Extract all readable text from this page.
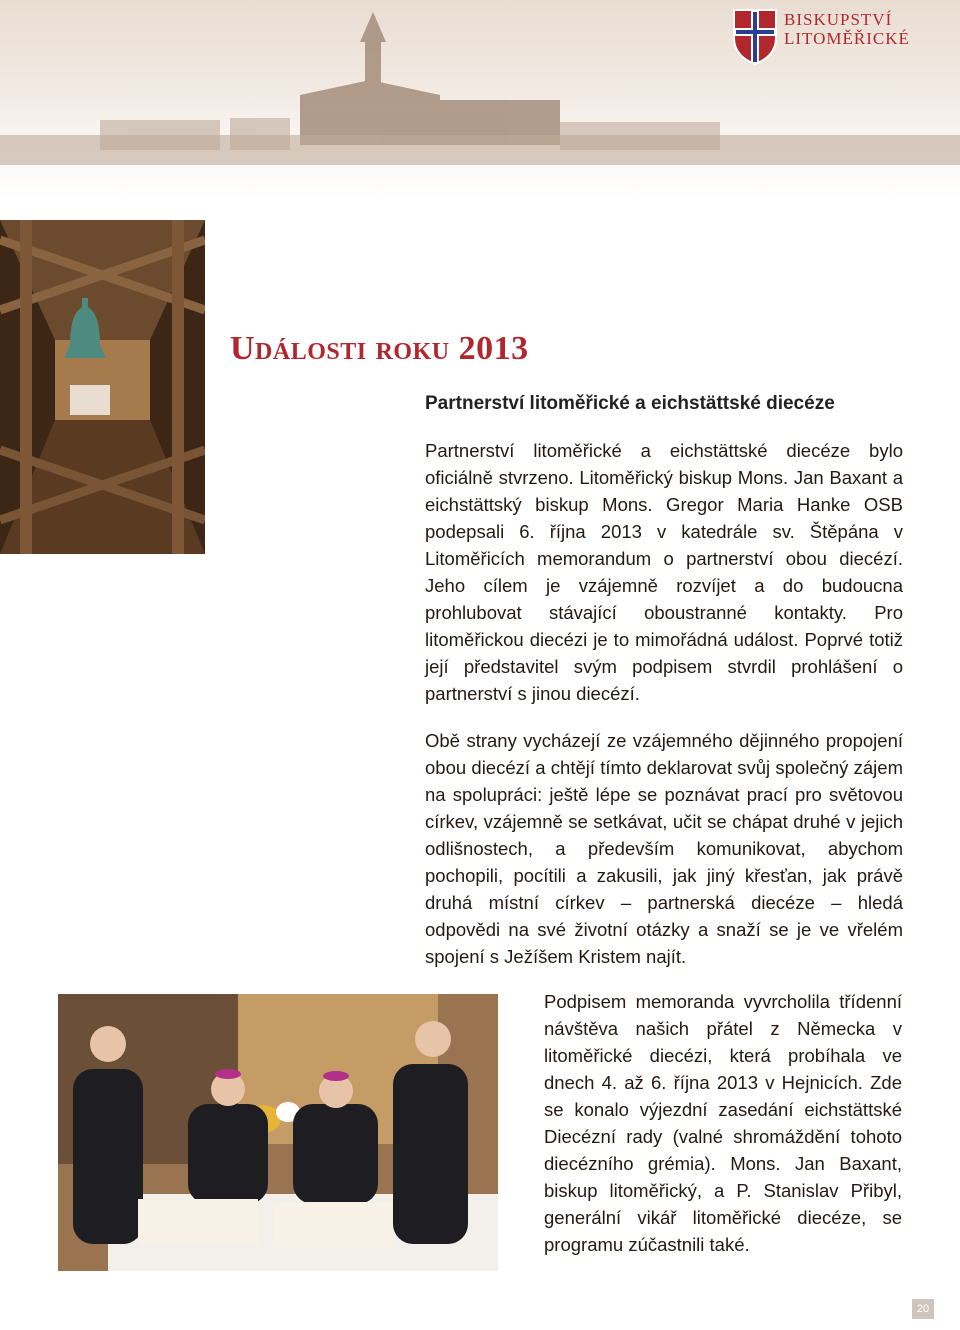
BISKUPSTVÍ
LITOMĚŘICKÉ
Události roku 2013
Partnerství litoměřické a eichstättské diecéze

Partnerství litoměřické a eichstättské diecéze bylo oficiálně stvrzeno. Litoměřický biskup Mons. Jan Baxant a eichstättský biskup Mons. Gregor Maria Hanke OSB podepsali 6. října 2013 v katedrále sv. Štěpána v Litoměřicích memorandum o partnerství obou diecézí. Jeho cílem je vzájemně rozvíjet a do budoucna prohlubovat stávající oboustranné kontakty. Pro litoměřickou diecézi je to mimořádná událost. Poprvé totiž její představitel svým podpisem stvrdil prohlášení o partnerství s jinou diecézí.

Obě strany vycházejí ze vzájemného dějinného propojení obou diecézí a chtějí tímto deklarovat svůj společný zájem na spolupráci: ještě lépe se poznávat prací pro světovou církev, vzájemně se setkávat, učit se chápat druhé v jejich odlišnostech, a především komunikovat, abychom pochopili, pocítili a zakusili, jak jiný křesťan, jak právě druhá místní církev – partnerská diecéze – hledá odpovědi na své životní otázky a snaží se je ve vřelém spojení s Ježíšem Kristem najít.

Podpisem memoranda vyvrcholila třídenní návštěva našich přátel z Německa v litoměřické diecézi, která probíhala ve dnech 4. až 6. října 2013 v Hejnicích. Zde se konalo výjezdní zasedání eichstättské Diecézní rady (valné shromáždění tohoto diecézního grémia). Mons. Jan Baxant, biskup litoměřický, a P. Stanislav Přibyl, generální vikář litoměřické diecéze, se programu zúčastnili také.

20
